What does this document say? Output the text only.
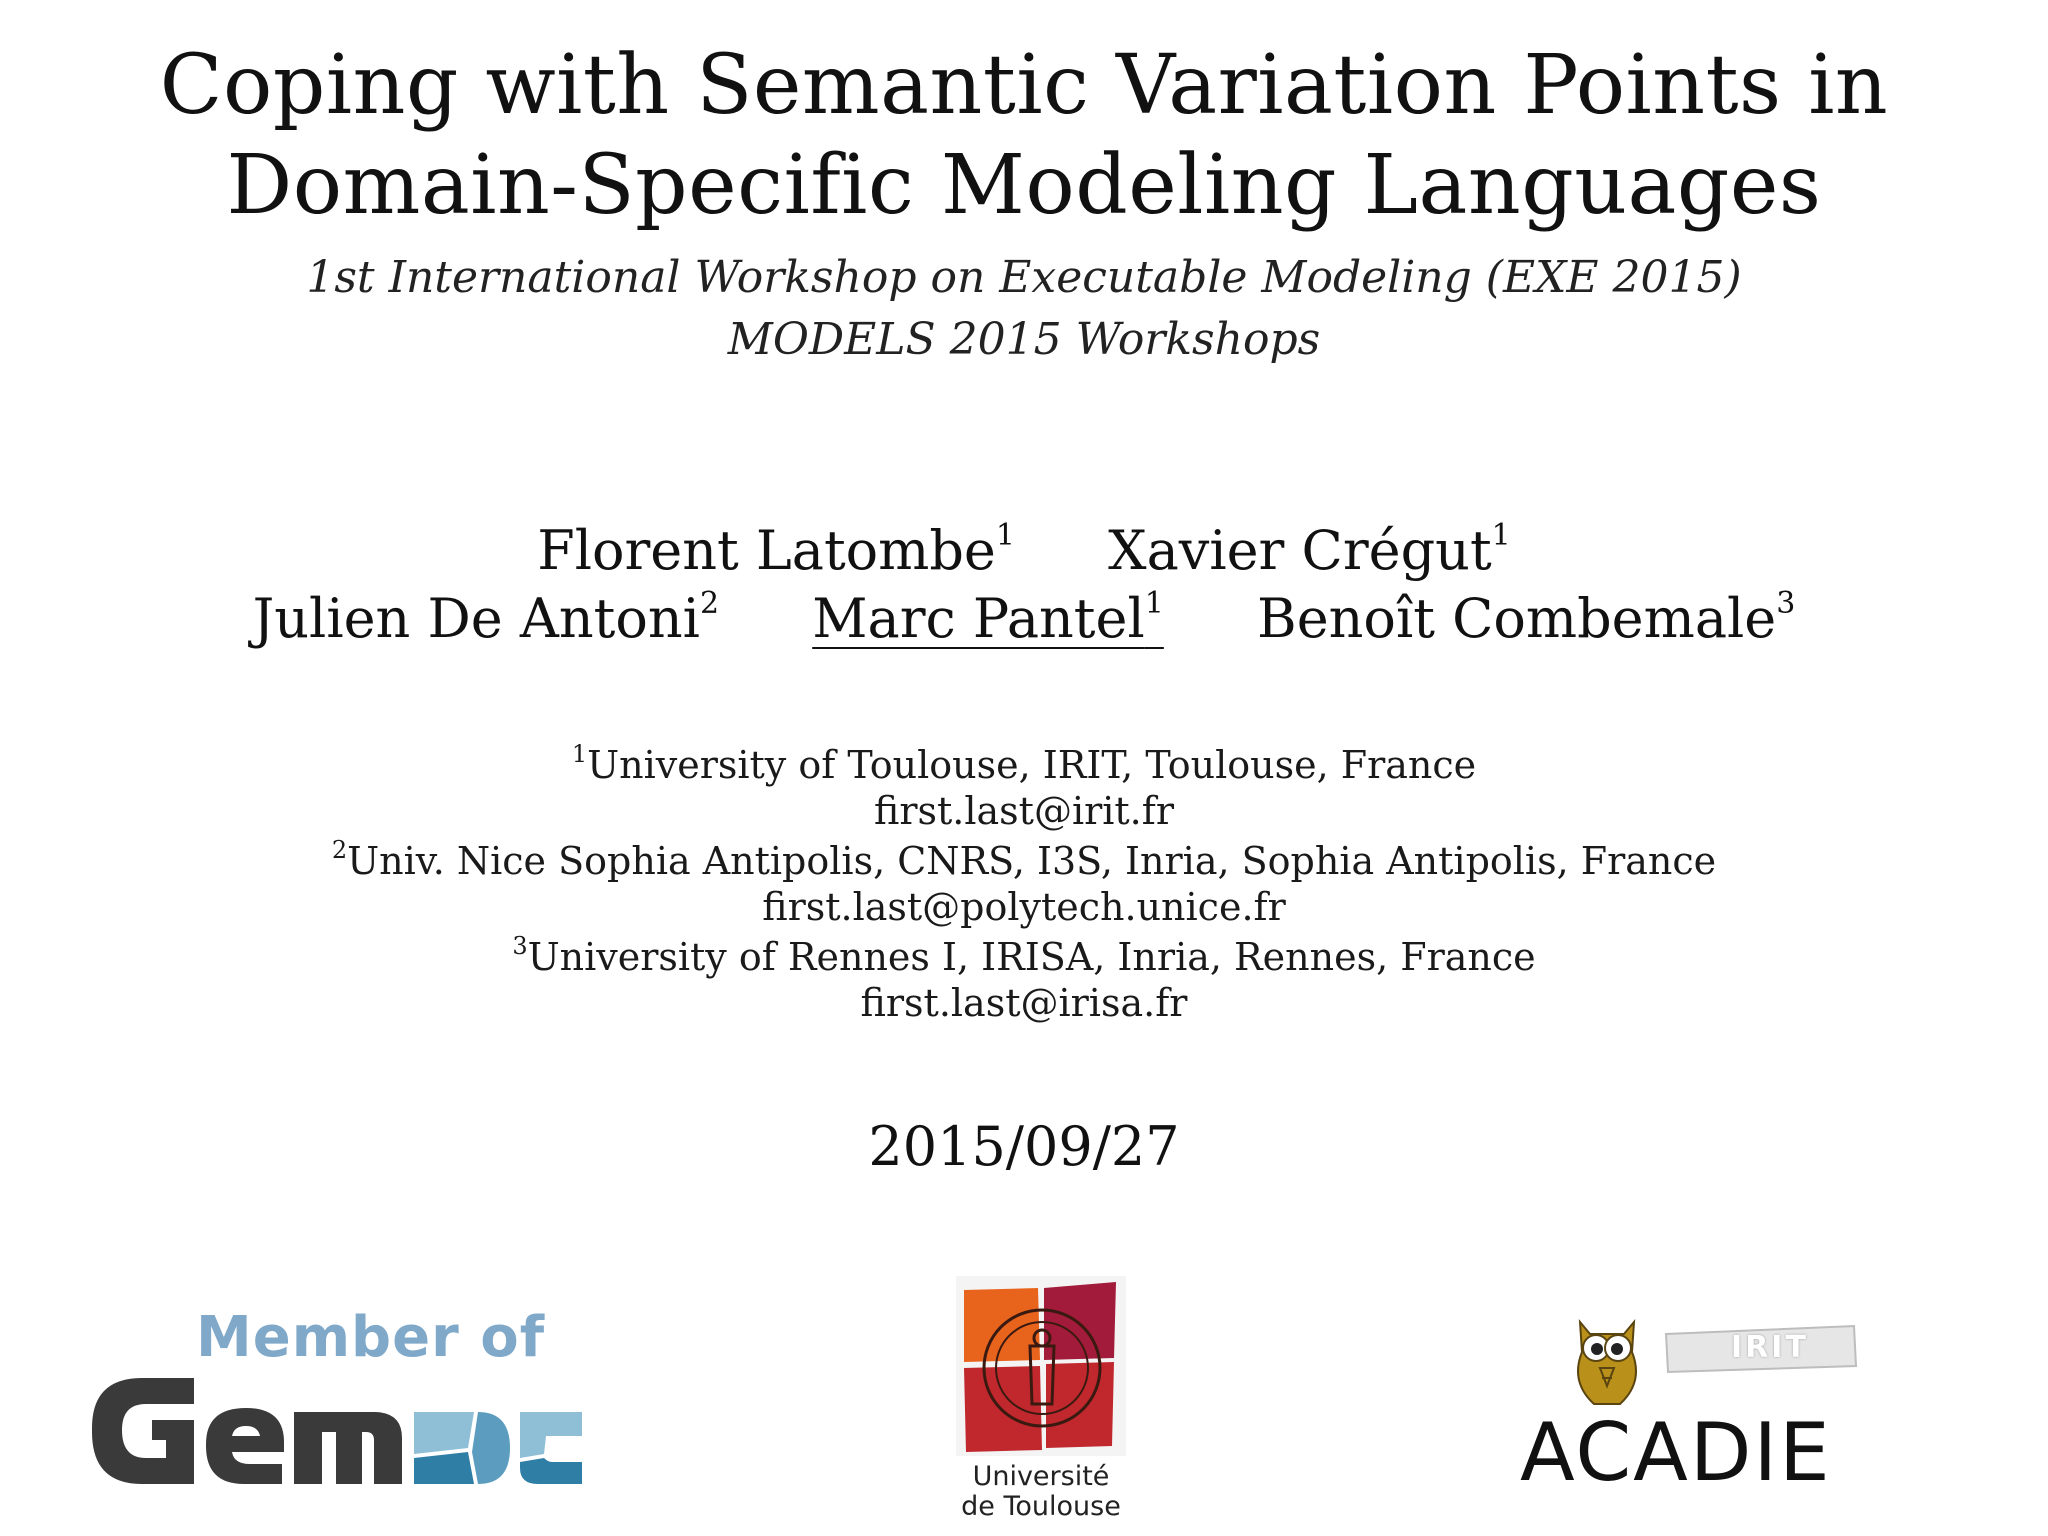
Coping with Semantic Variation Points in
Domain-Specific Modeling Languages
1st International Workshop on Executable Modeling (EXE 2015)
MODELS 2015 Workshops
Florent Latombe$^1$ Xavier Crégut$^1$
Julien De Antoni$^2$ Marc Pantel$^1$ Benoît Combemale$^3$
$^1$University of Toulouse, IRIT, Toulouse, France
first.last@irit.fr
$^2$Univ. Nice Sophia Antipolis, CNRS, I3S, Inria, Sophia Antipolis, France
first.last@polytech.unice.fr
$^3$University of Rennes I, IRISA, Inria, Rennes, France
first.last@irisa.fr
2015/09/27
Member of
Université
de Toulouse
IRIT
ACADIE
